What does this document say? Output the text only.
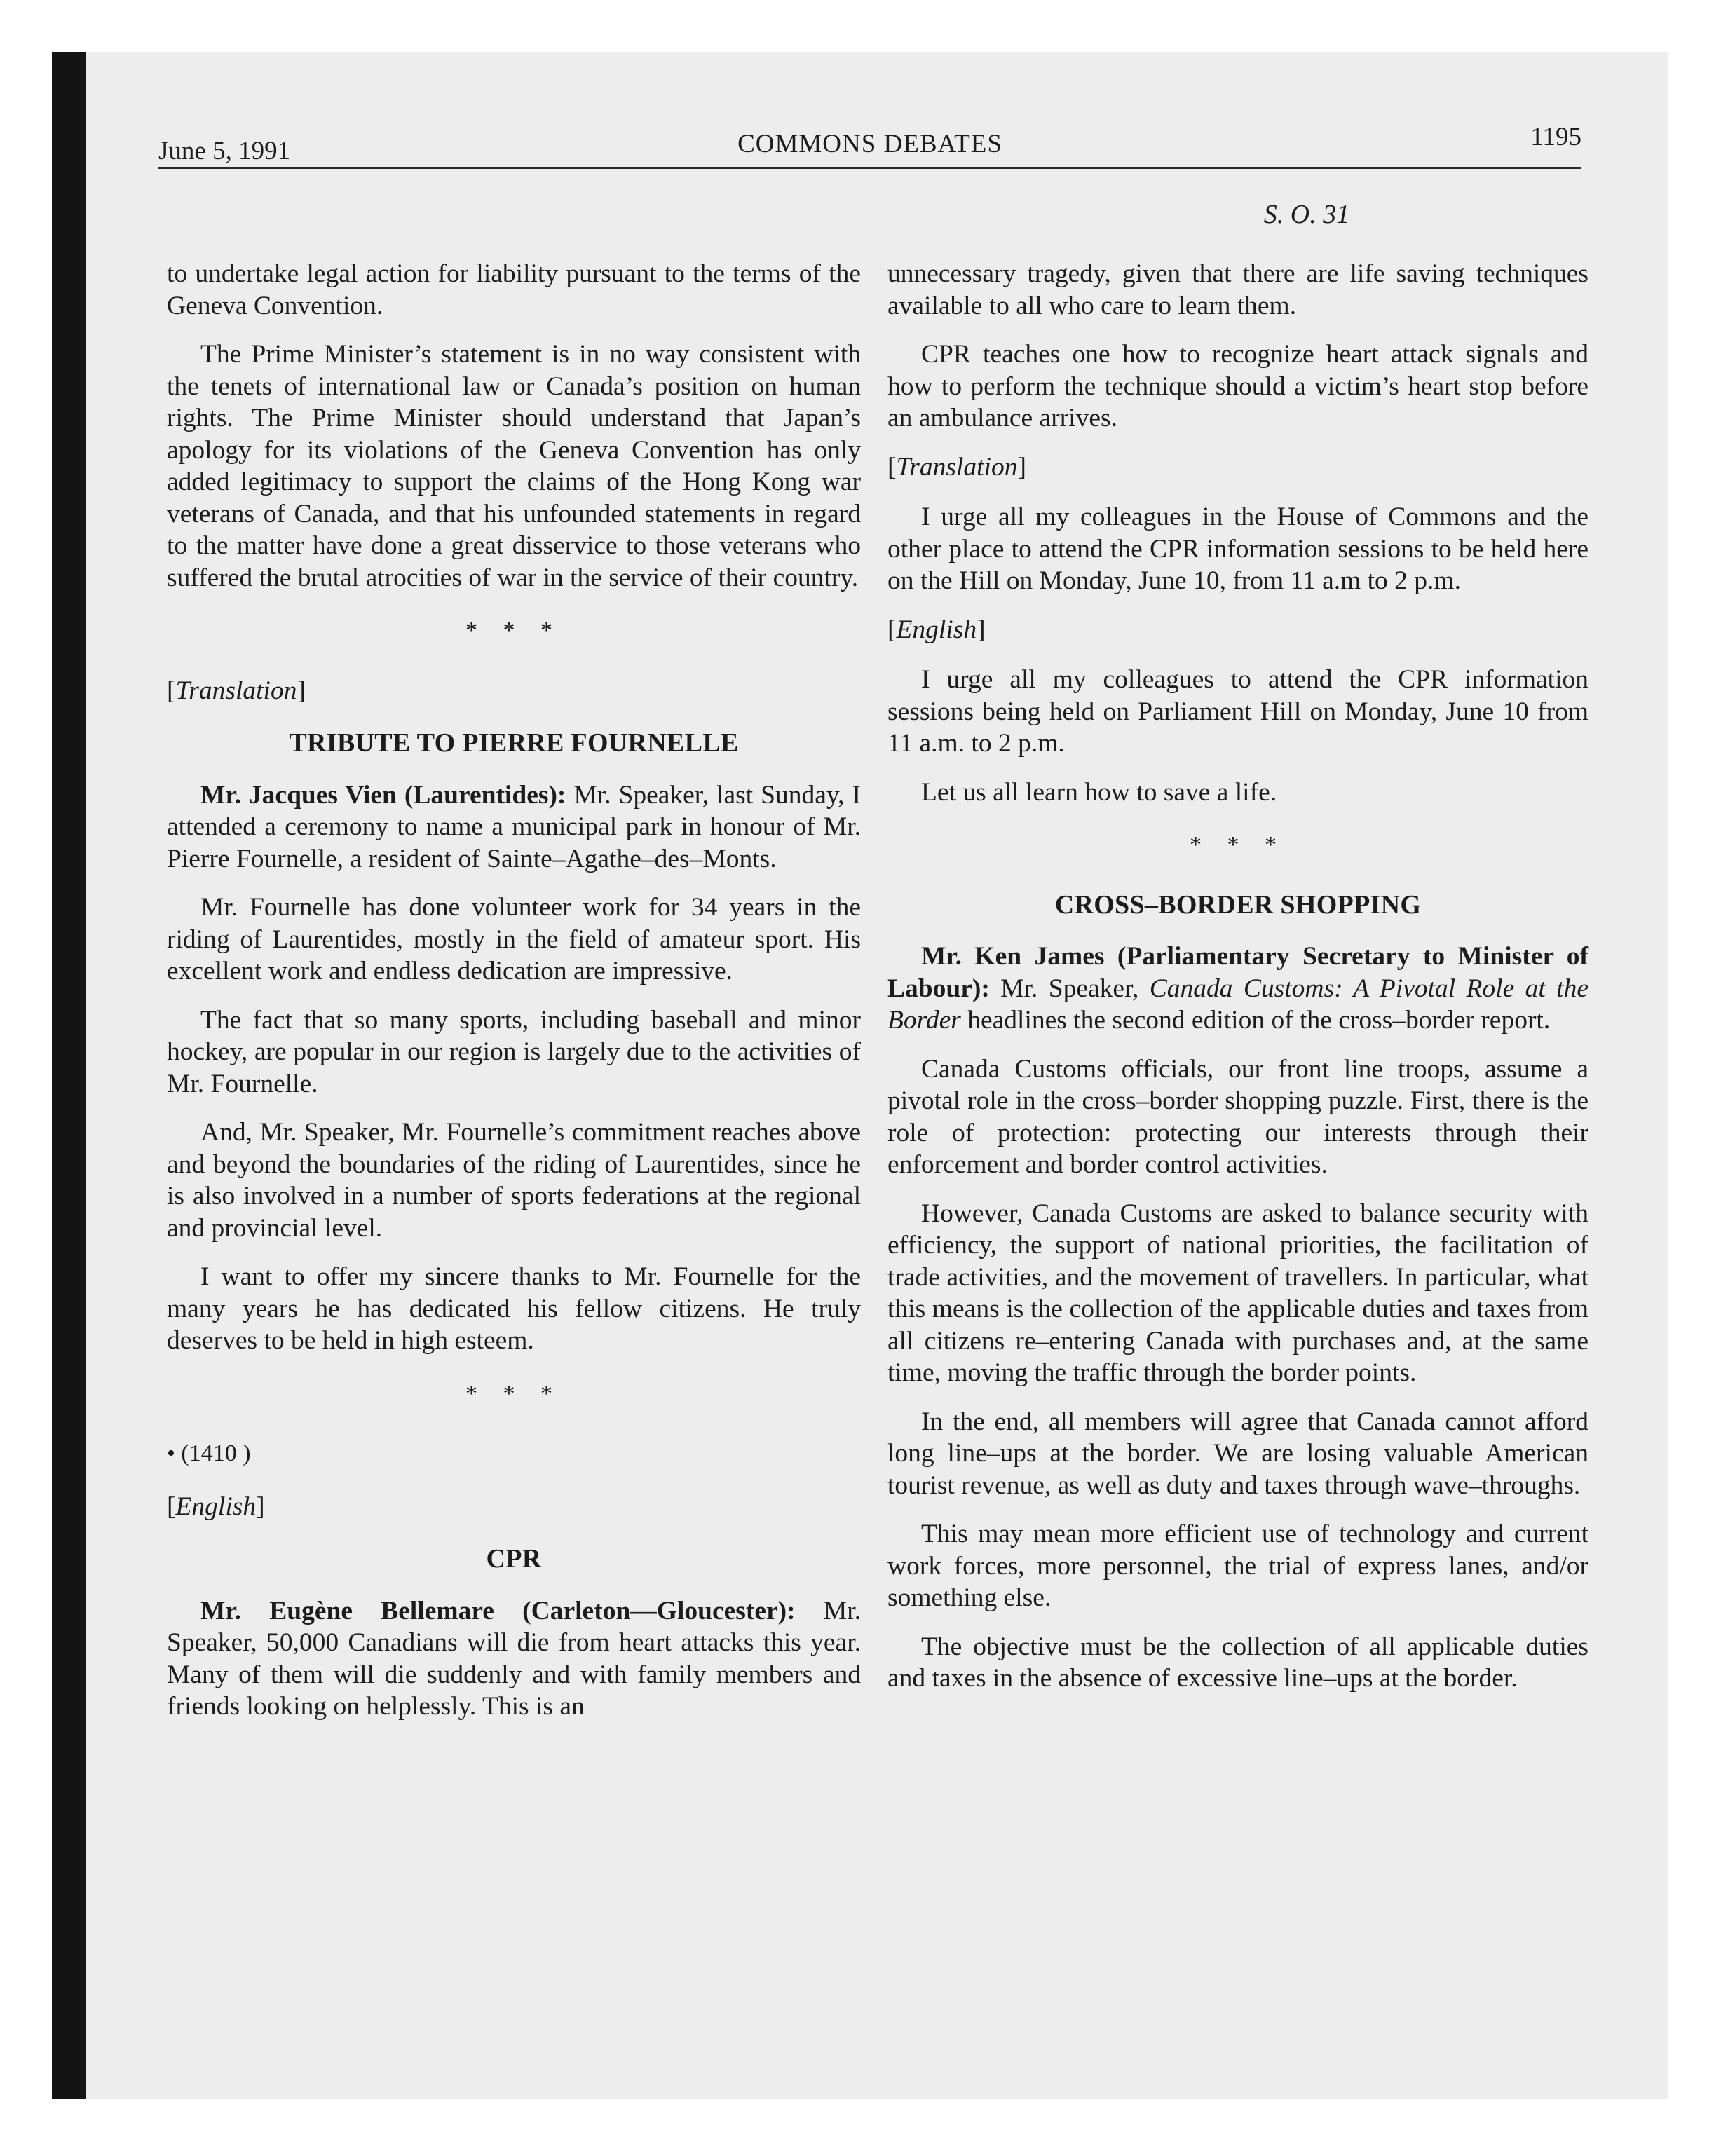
June 5, 1991	COMMONS DEBATES	1195
S. O. 31

to undertake legal action for liability pursuant to the terms of the Geneva Convention.

The Prime Minister’s statement is in no way consistent with the tenets of international law or Canada’s position on human rights. The Prime Minister should understand that Japan’s apology for its violations of the Geneva Convention has only added legitimacy to support the claims of the Hong Kong war veterans of Canada, and that his unfounded statements in regard to the matter have done a great disservice to those veterans who suffered the brutal atrocities of war in the service of their country.

* * *
[Translation]
TRIBUTE TO PIERRE FOURNELLE

Mr. Jacques Vien (Laurentides): Mr. Speaker, last Sunday, I attended a ceremony to name a municipal park in honour of Mr. Pierre Fournelle, a resident of Sainte–Agathe–des–Monts.

Mr. Fournelle has done volunteer work for 34 years in the riding of Laurentides, mostly in the field of amateur sport. His excellent work and endless dedication are impressive.

The fact that so many sports, including baseball and minor hockey, are popular in our region is largely due to the activities of Mr. Fournelle.

And, Mr. Speaker, Mr. Fournelle’s commitment reaches above and beyond the boundaries of the riding of Laurentides, since he is also involved in a number of sports federations at the regional and provincial level.

I want to offer my sincere thanks to Mr. Fournelle for the many years he has dedicated his fellow citizens. He truly deserves to be held in high esteem.

* * *
• (1410 )
[English]
CPR

Mr. Eugène Bellemare (Carleton—Gloucester): Mr. Speaker, 50,000 Canadians will die from heart attacks this year. Many of them will die suddenly and with family members and friends looking on helplessly. This is an

unnecessary tragedy, given that there are life saving techniques available to all who care to learn them.

CPR teaches one how to recognize heart attack signals and how to perform the technique should a victim’s heart stop before an ambulance arrives.

[Translation]

I urge all my colleagues in the House of Commons and the other place to attend the CPR information sessions to be held here on the Hill on Monday, June 10, from 11 a.m to 2 p.m.

[English]

I urge all my colleagues to attend the CPR information sessions being held on Parliament Hill on Monday, June 10 from 11 a.m. to 2 p.m.

Let us all learn how to save a life.

* * *
CROSS–BORDER SHOPPING

Mr. Ken James (Parliamentary Secretary to Minister of Labour): Mr. Speaker, Canada Customs: A Pivotal Role at the Border headlines the second edition of the cross–border report.

Canada Customs officials, our front line troops, assume a pivotal role in the cross–border shopping puzzle. First, there is the role of protection: protecting our interests through their enforcement and border control activities.

However, Canada Customs are asked to balance security with efficiency, the support of national priorities, the facilitation of trade activities, and the movement of travellers. In particular, what this means is the collection of the applicable duties and taxes from all citizens re–entering Canada with purchases and, at the same time, moving the traffic through the border points.

In the end, all members will agree that Canada cannot afford long line–ups at the border. We are losing valuable American tourist revenue, as well as duty and taxes through wave–throughs.

This may mean more efficient use of technology and current work forces, more personnel, the trial of express lanes, and/or something else.

The objective must be the collection of all applicable duties and taxes in the absence of excessive line–ups at the border.
